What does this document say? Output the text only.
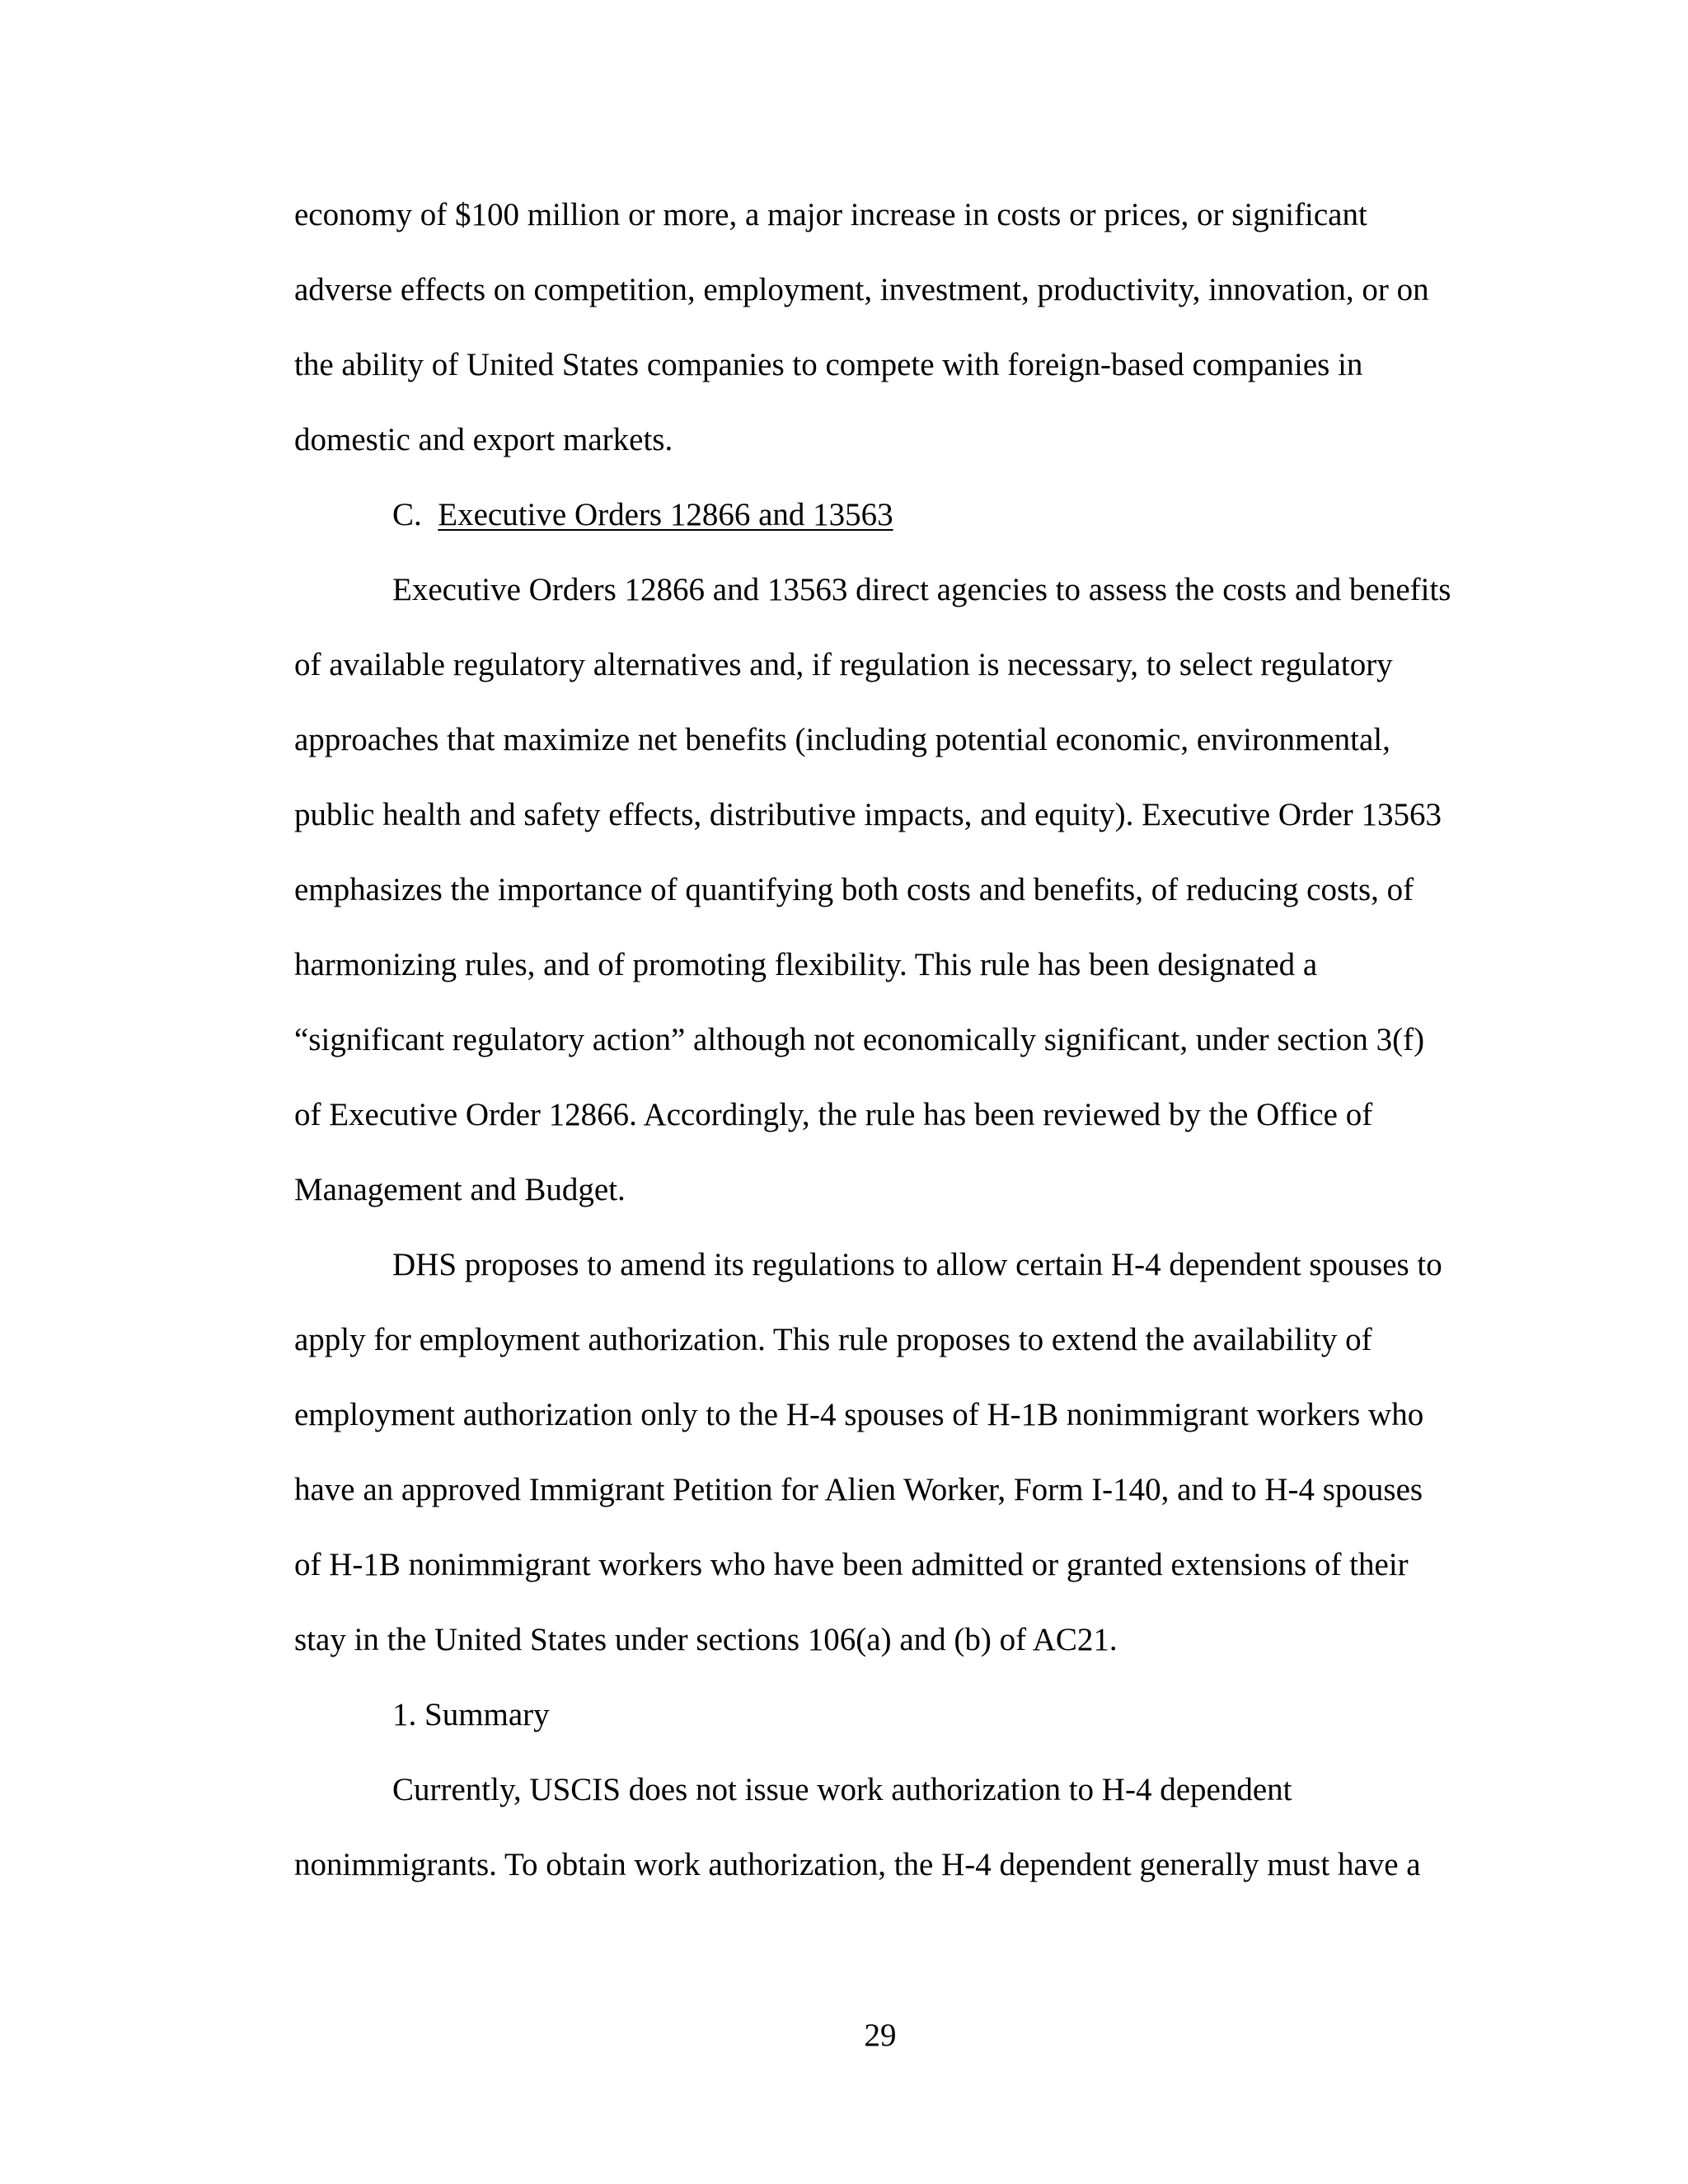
economy of $100 million or more, a major increase in costs or prices, or significant
adverse effects on competition, employment, investment, productivity, innovation, or on
the ability of United States companies to compete with foreign-based companies in
domestic and export markets.
C. Executive Orders 12866 and 13563
Executive Orders 12866 and 13563 direct agencies to assess the costs and benefits
of available regulatory alternatives and, if regulation is necessary, to select regulatory
approaches that maximize net benefits (including potential economic, environmental,
public health and safety effects, distributive impacts, and equity). Executive Order 13563
emphasizes the importance of quantifying both costs and benefits, of reducing costs, of
harmonizing rules, and of promoting flexibility. This rule has been designated a
“significant regulatory action” although not economically significant, under section 3(f)
of Executive Order 12866. Accordingly, the rule has been reviewed by the Office of
Management and Budget.
DHS proposes to amend its regulations to allow certain H-4 dependent spouses to
apply for employment authorization. This rule proposes to extend the availability of
employment authorization only to the H-4 spouses of H-1B nonimmigrant workers who
have an approved Immigrant Petition for Alien Worker, Form I-140, and to H-4 spouses
of H-1B nonimmigrant workers who have been admitted or granted extensions of their
stay in the United States under sections 106(a) and (b) of AC21.
1. Summary
Currently, USCIS does not issue work authorization to H-4 dependent
nonimmigrants. To obtain work authorization, the H-4 dependent generally must have a
29
